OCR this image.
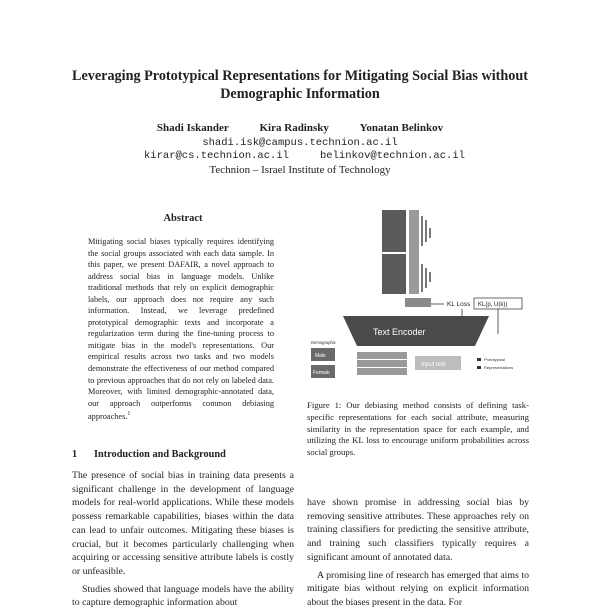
Leveraging Prototypical Representations for Mitigating Social Bias without Demographic Information
Shadi Iskander	Kira Radinsky	Yonatan Belinkov
shadi.isk@campus.technion.ac.il
kirar@cs.technion.ac.il	belinkov@technion.ac.il
Technion – Israel Institute of Technology
Abstract

Mitigating social biases typically requires identifying the social groups associated with each data sample. In this paper, we present DAFAIR, a novel approach to address social bias in language models. Unlike traditional methods that rely on explicit demographic labels, our approach does not require any such information. Instead, we leverage predefined prototypical demographic texts and incorporate a regularization term during the fine-tuning process to mitigate bias in the model's representations. Our empirical results across two tasks and two models demonstrate the effectiveness of our method compared to previous approaches that do not rely on labeled data. Moreover, with limited demographic-annotated data, our approach outperforms common debiasing approaches.$^1$

1 Introduction and Background

The presence of social bias in training data presents a significant challenge in the development of language models for real-world applications. While these models possess remarkable capabilities, biases within the data can lead to unfair outcomes. Mitigating these biases is crucial, but it becomes particularly challenging when acquiring or accessing sensitive attribute labels is costly or unfeasible.

Studies showed that language models have the ability to capture demographic information about

KL Loss KL(p, U(k))
Text Encoder
Demographic
Male
Female
Input text
Prototypical
Representations

Figure 1: Our debiasing method consists of defining task-specific representations for each social attribute, measuring similarity in the representation space for each example, and utilizing the KL loss to encourage uniform probabilities across social groups.

have shown promise in addressing social bias by removing sensitive attributes. These approaches rely on training classifiers for predicting the sensitive attribute, and training such classifiers typically requires a significant amount of annotated data.

A promising line of research has emerged that aims to mitigate bias without relying on explicit information about the biases present in the data. For
